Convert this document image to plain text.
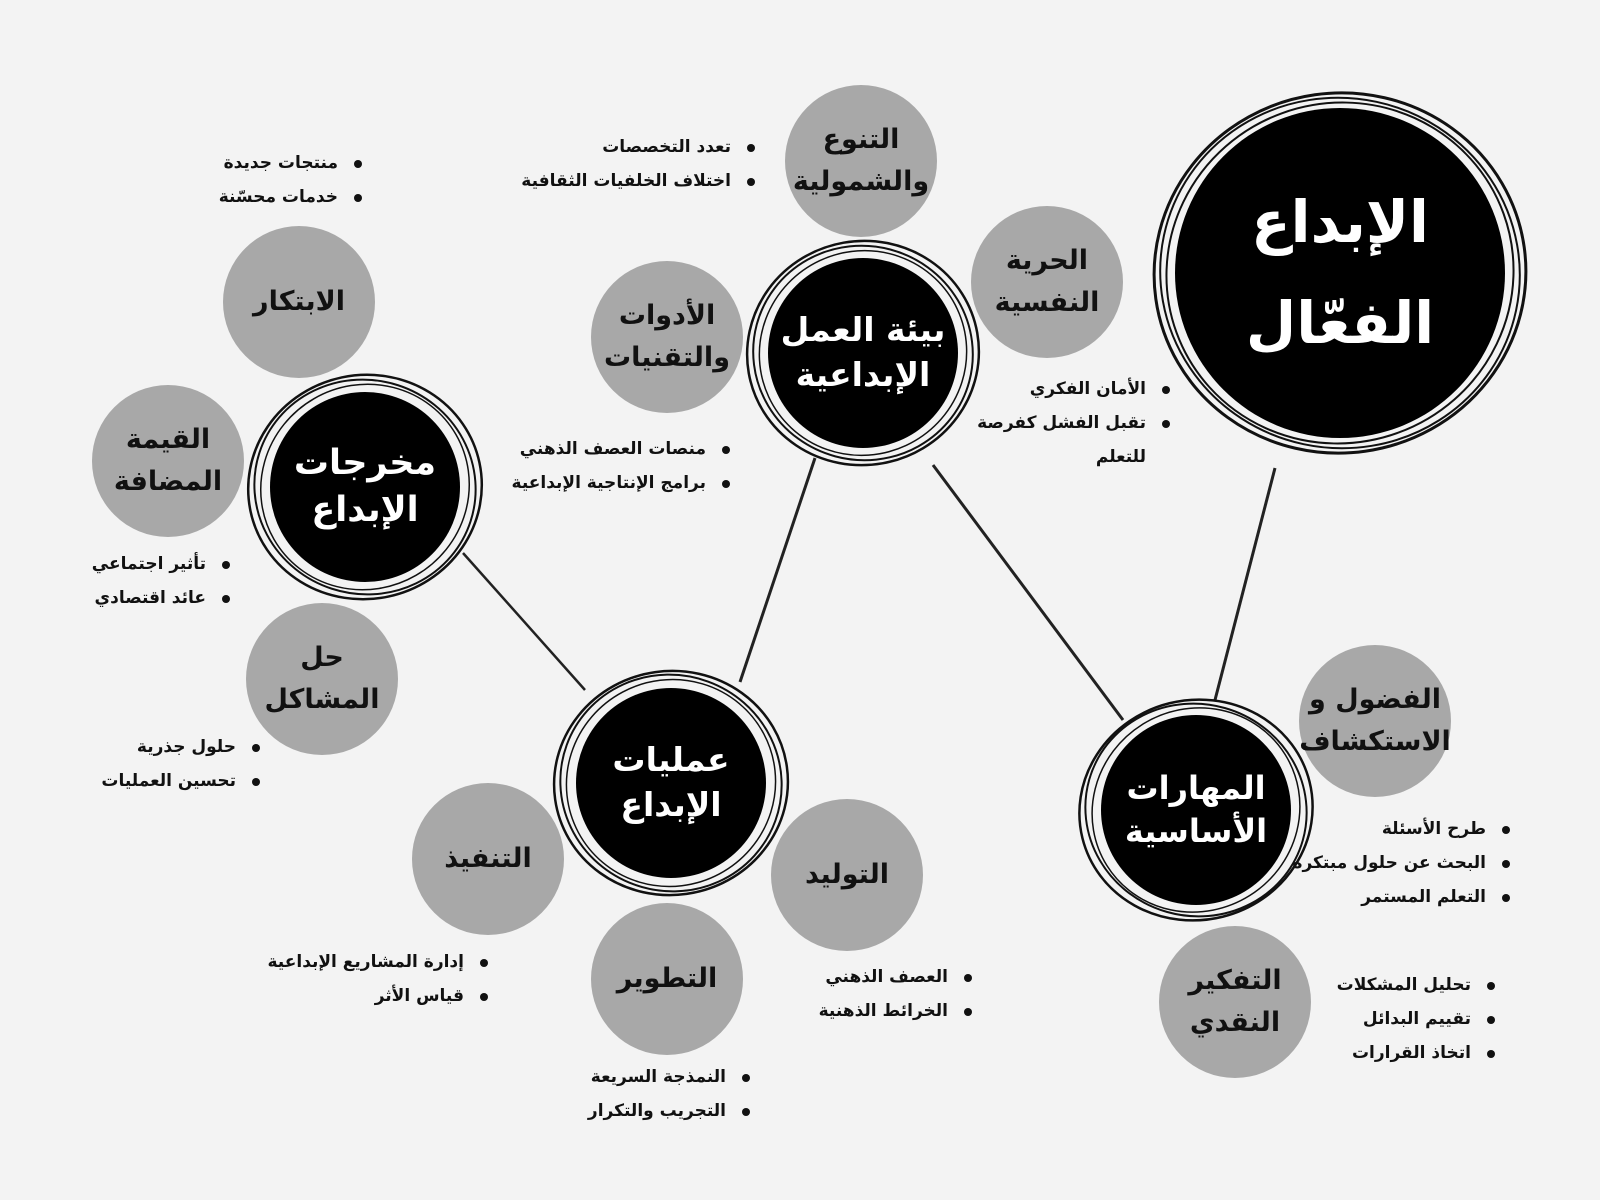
الإبداع
الفعّال
بيئة العمل
الإبداعية
مخرجات
الإبداع
عمليات
الإبداع	المهارات
الأساسية
التنوع
والشمولية
الحرية
النفسية
الأدوات
والتقنيات
الابتكار
القيمة
المضافة
حل
المشاكل
التنفيذ
التطوير
التوليد
الفضول و
الاستكشاف
التفكير
النقدي
تعدد التخصصات
اختلاف الخلفيات الثقافية
الأمان الفكري
تقبل الفشل كفرصة
للتعلم
منصات العصف الذهني
برامج الإنتاجية الإبداعية
منتجات جديدة
خدمات محسّنة
تأثير اجتماعي
عائد اقتصادي
حلول جذرية
تحسين العمليات
إدارة المشاريع الإبداعية
قياس الأثر
النمذجة السريعة
التجريب والتكرار
العصف الذهني
الخرائط الذهنية
طرح الأسئلة
البحث عن حلول مبتكره
التعلم المستمر
تحليل المشكلات
تقييم البدائل
اتخاذ القرارات
